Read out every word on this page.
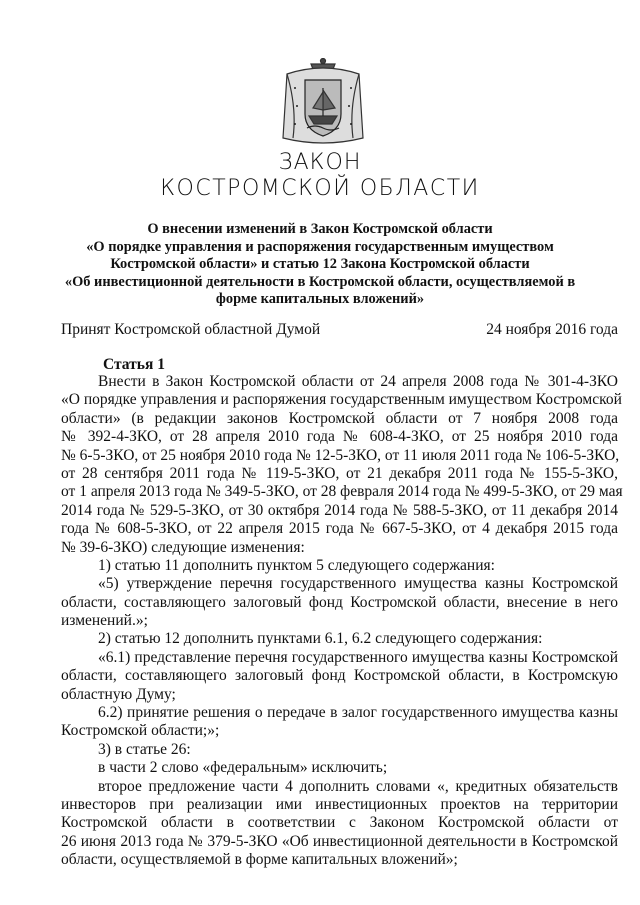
ЗАКОН
КОСТРОМСКОЙ ОБЛАСТИ
О внесении изменений в Закон Костромской области
«О порядке управления и распоряжения государственным имуществом
Костромской области» и статью 12 Закона Костромской области
«Об инвестиционной деятельности в Костромской области, осуществляемой в
форме капитальных вложений»
Принят Костромской областной Думой	24 ноября 2016 года
Статья 1
Внести в Закон Костромской области от 24 апреля 2008 года № 301-4-ЗКО
«О порядке управления и распоряжения государственным имуществом Костромской
области» (в редакции законов Костромской области от 7 ноября 2008 года
№ 392-4-ЗКО, от 28 апреля 2010 года № 608-4-ЗКО, от 25 ноября 2010 года
№ 6-5-ЗКО, от 25 ноября 2010 года № 12-5-ЗКО, от 11 июля 2011 года № 106-5-ЗКО,
от 28 сентября 2011 года № 119-5-ЗКО, от 21 декабря 2011 года № 155-5-ЗКО,
от 1 апреля 2013 года № 349-5-ЗКО, от 28 февраля 2014 года № 499-5-ЗКО, от 29 мая
2014 года № 529-5-ЗКО, от 30 октября 2014 года № 588-5-ЗКО, от 11 декабря 2014
года № 608-5-ЗКО, от 22 апреля 2015 года № 667-5-ЗКО, от 4 декабря 2015 года
№ 39-6-ЗКО) следующие изменения:
1) статью 11 дополнить пунктом 5 следующего содержания:
«5) утверждение перечня государственного имущества казны Костромской
области, составляющего залоговый фонд Костромской области, внесение в него
изменений.»;
2) статью 12 дополнить пунктами 6.1, 6.2 следующего содержания:
«6.1) представление перечня государственного имущества казны Костромской
области, составляющего залоговый фонд Костромской области, в Костромскую
областную Думу;
6.2) принятие решения о передаче в залог государственного имущества казны
Костромской области;»;
3) в статье 26:
в части 2 слово «федеральным» исключить;
второе предложение части 4 дополнить словами «, кредитных обязательств
инвесторов при реализации ими инвестиционных проектов на территории
Костромской области в соответствии с Законом Костромской области от
26 июня 2013 года № 379-5-ЗКО «Об инвестиционной деятельности в Костромской
области, осуществляемой в форме капитальных вложений»;
